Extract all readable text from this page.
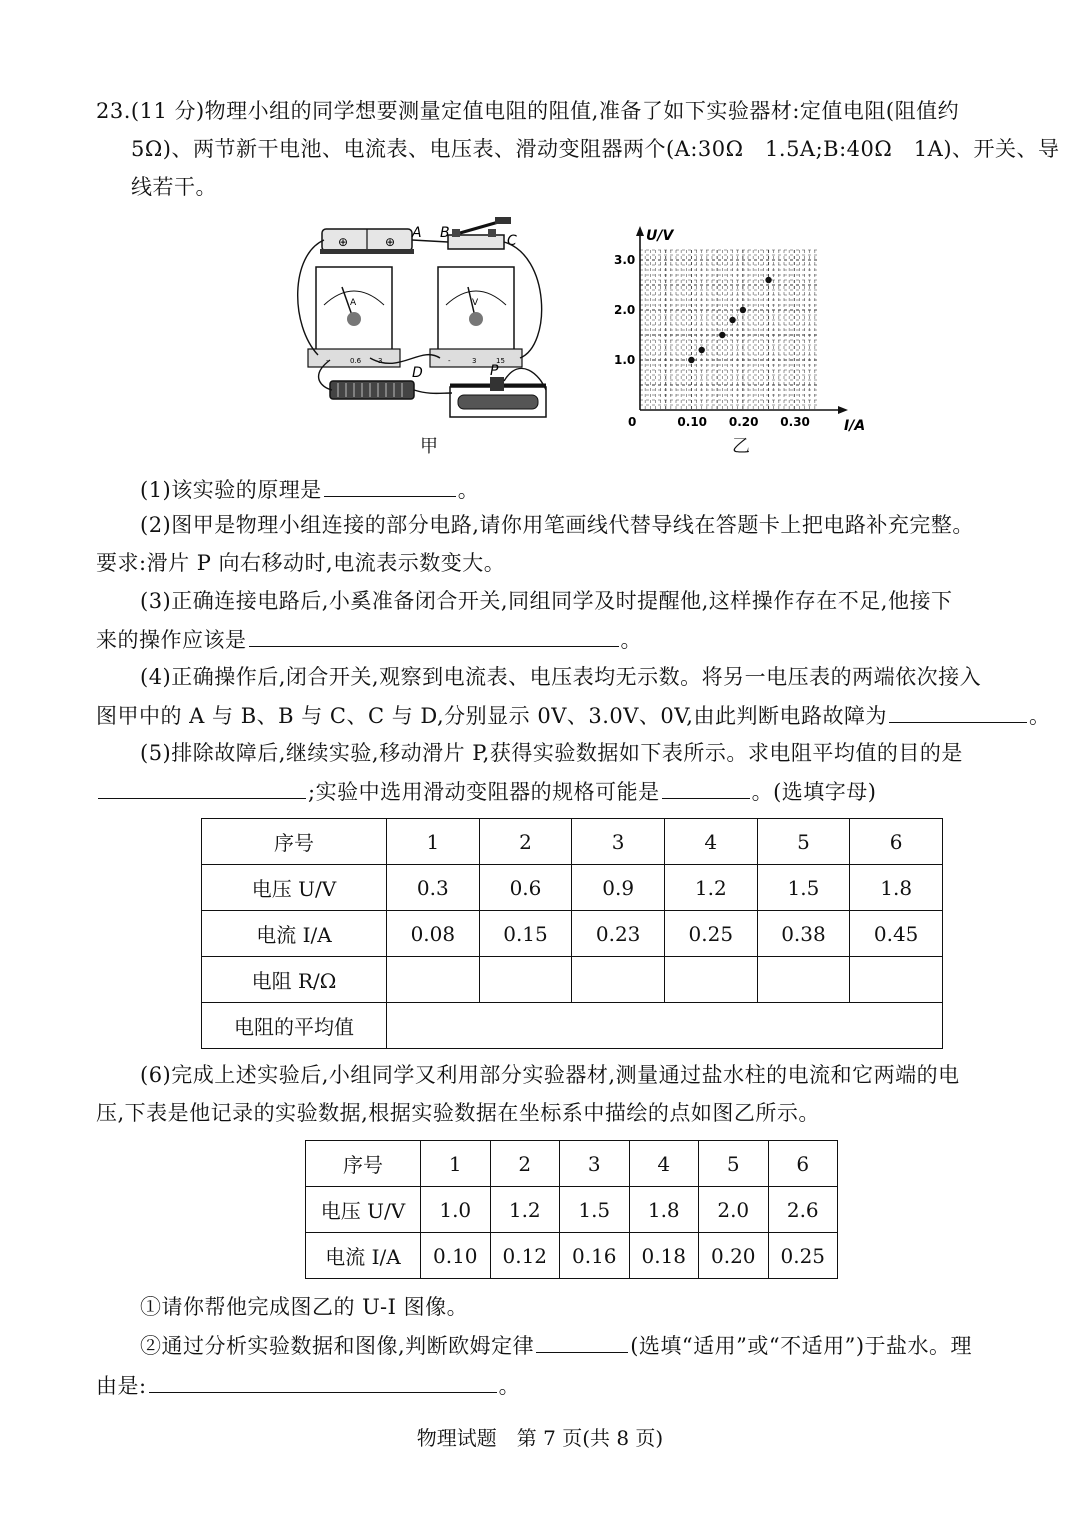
23.(11 分)物理小组的同学想要测量定值电阻的阻值,准备了如下实验器材:定值电阻(阻值约
5Ω)、两节新干电池、电流表、电压表、滑动变阻器两个(A:30Ω　1.5A;B:40Ω　1A)、开关、导
线若干。
⊕	⊕
A B	C
A
-	0.6 3
V
-	3	15
D	P
甲
U/V
I/A
0	0.10 0.20 0.30
1.0
2.0
3.0
乙
(1)该实验的原理是	。
(2)图甲是物理小组连接的部分电路,请你用笔画线代替导线在答题卡上把电路补充完整。
要求:滑片 P 向右移动时,电流表示数变大。
(3)正确连接电路后,小奚准备闭合开关,同组同学及时提醒他,这样操作存在不足,他接下
来的操作应该是	。
(4)正确操作后,闭合开关,观察到电流表、电压表均无示数。将另一电压表的两端依次接入
图甲中的 A 与 B、B 与 C、C 与 D,分别显示 0V、3.0V、0V,由此判断电路故障为	。
(5)排除故障后,继续实验,移动滑片 P,获得实验数据如下表所示。求电阻平均值的目的是
;实验中选用滑动变阻器的规格可能是	。(选填字母)
序号	1	2	3	4	5	6
电压 U/V	0.3	0.6	0.9	1.2	1.5	1.8
电流 I/A	0.08	0.15	0.23	0.25	0.38	0.45
电阻 R/Ω						
电阻的平均值						
(6)完成上述实验后,小组同学又利用部分实验器材,测量通过盐水柱的电流和它两端的电
压,下表是他记录的实验数据,根据实验数据在坐标系中描绘的点如图乙所示。
序号	1	2	3	4	5	6
电压 U/V	1.0	1.2	1.5	1.8	2.0	2.6
电流 I/A	0.10	0.12	0.16	0.18	0.20	0.25
①请你帮他完成图乙的 U-I 图像。
②通过分析实验数据和图像,判断欧姆定律	(选填“适用”或“不适用”)于盐水。理
由是:	。
物理试题　第 7 页(共 8 页)
